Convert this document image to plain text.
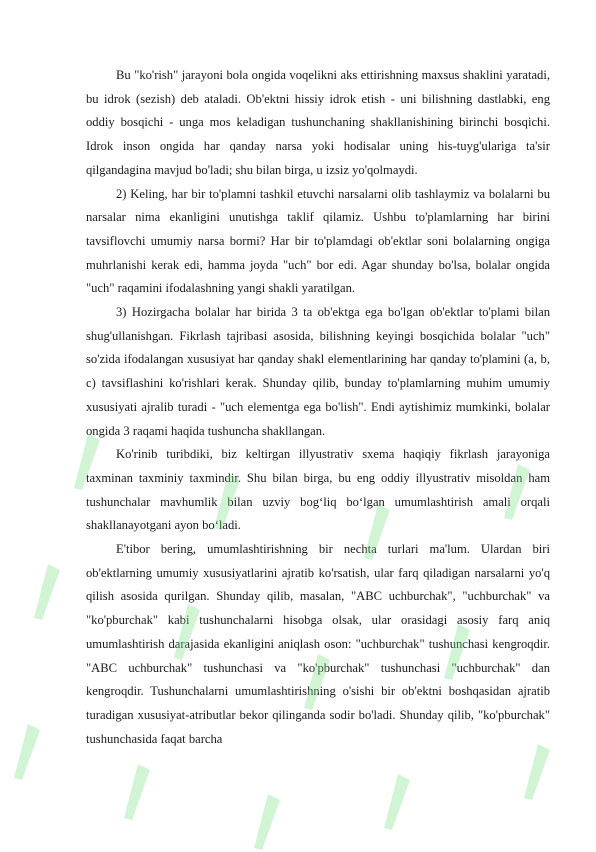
Bu "ko'rish" jarayoni bola ongida voqelikni aks ettirishning maxsus shaklini yaratadi, bu idrok (sezish) deb ataladi. Ob'ektni hissiy idrok etish - uni bilishning dastlabki, eng oddiy bosqichi - unga mos keladigan tushunchaning shakllanishining birinchi bosqichi. Idrok inson ongida har qanday narsa yoki hodisalar uning his-tuyg'ulariga ta'sir qilgandagina mavjud bo'ladi; shu bilan birga, u izsiz yo'qolmaydi.

2) Keling, har bir to'plamni tashkil etuvchi narsalarni olib tashlaymiz va bolalarni bu narsalar nima ekanligini unutishga taklif qilamiz. Ushbu to'plamlarning har birini tavsiflovchi umumiy narsa bormi? Har bir to'plamdagi ob'ektlar soni bolalarning ongiga muhrlanishi kerak edi, hamma joyda "uch" bor edi. Agar shunday bo'lsa, bolalar ongida "uch" raqamini ifodalashning yangi shakli yaratilgan.

3) Hozirgacha bolalar har birida 3 ta ob'ektga ega bo'lgan ob'ektlar to'plami bilan shug'ullanishgan. Fikrlash tajribasi asosida, bilishning keyingi bosqichida bolalar "uch" so'zida ifodalangan xususiyat har qanday shakl elementlarining har qanday to'plamini (a, b, c) tavsiflashini ko'rishlari kerak. Shunday qilib, bunday to'plamlarning muhim umumiy xususiyati ajralib turadi - "uch elementga ega bo'lish". Endi aytishimiz mumkinki, bolalar ongida 3 raqami haqida tushuncha shakllangan.

Ko'rinib turibdiki, biz keltirgan illyustrativ sxema haqiqiy fikrlash jarayoniga taxminan taxminiy taxmindir. Shu bilan birga, bu eng oddiy illyustrativ misoldan ham tushunchalar mavhumlik bilan uzviy bog‘liq bo‘lgan umumlashtirish amali orqali shakllanayotgani ayon bo‘ladi.

E'tibor bering, umumlashtirishning bir nechta turlari ma'lum. Ulardan biri ob'ektlarning umumiy xususiyatlarini ajratib ko'rsatish, ular farq qiladigan narsalarni yo'q qilish asosida qurilgan. Shunday qilib, masalan, "ABC uchburchak", "uchburchak" va "ko'pburchak" kabi tushunchalarni hisobga olsak, ular orasidagi asosiy farq aniq umumlashtirish darajasida ekanligini aniqlash oson: "uchburchak" tushunchasi kengroqdir. "ABC uchburchak" tushunchasi va "ko'pburchak" tushunchasi "uchburchak" dan kengroqdir. Tushunchalarni umumlashtirishning o'sishi bir ob'ektni boshqasidan ajratib turadigan xususiyat-atributlar bekor qilinganda sodir bo'ladi. Shunday qilib, "ko'pburchak" tushunchasida faqat barcha
